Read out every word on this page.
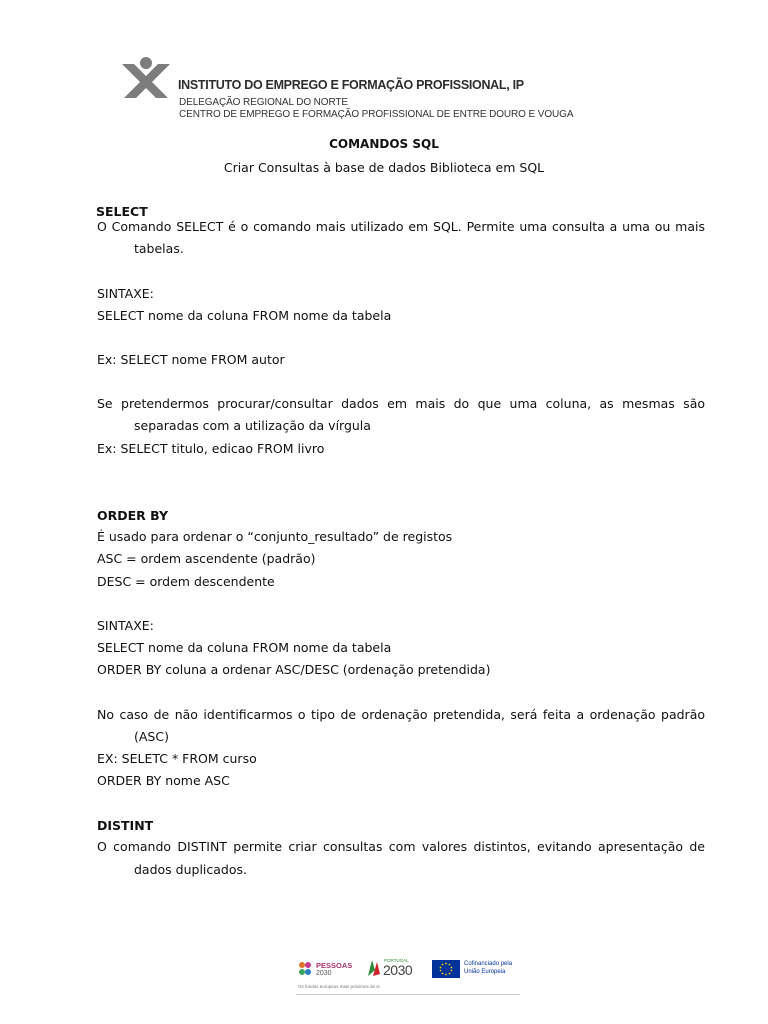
INSTITUTO DO EMPREGO E FORMAÇÃO PROFISSIONAL, IP
DELEGAÇÃO REGIONAL DO NORTE
CENTRO DE EMPREGO E FORMAÇÃO PROFISSIONAL DE ENTRE DOURO E VOUGA
COMANDOS SQL
Criar Consultas à base de dados Biblioteca em SQL
SELECT
O Comando SELECT é o comando mais utilizado em SQL. Permite uma consulta a uma ou mais
tabelas.
SINTAXE:
SELECT nome da coluna FROM nome da tabela
Ex: SELECT nome FROM autor
Se pretendermos procurar/consultar dados em mais do que uma coluna, as mesmas são
separadas com a utilização da vírgula
Ex: SELECT titulo, edicao FROM livro
ORDER BY
É usado para ordenar o “conjunto_resultado” de registos
ASC = ordem ascendente (padrão)
DESC = ordem descendente
SINTAXE:
SELECT nome da coluna FROM nome da tabela
ORDER BY coluna a ordenar ASC/DESC (ordenação pretendida)
No caso de não identificarmos o tipo de ordenação pretendida, será feita a ordenação padrão
(ASC)
EX: SELETC * FROM curso
ORDER BY nome ASC
DISTINT
O comando DISTINT permite criar consultas com valores distintos, evitando apresentação de
dados duplicados.
PESSOAS
2030
PORTUGAL
2030	Cofinanciado pela
União Europeia
Os fundos europeus mais próximos de si.
